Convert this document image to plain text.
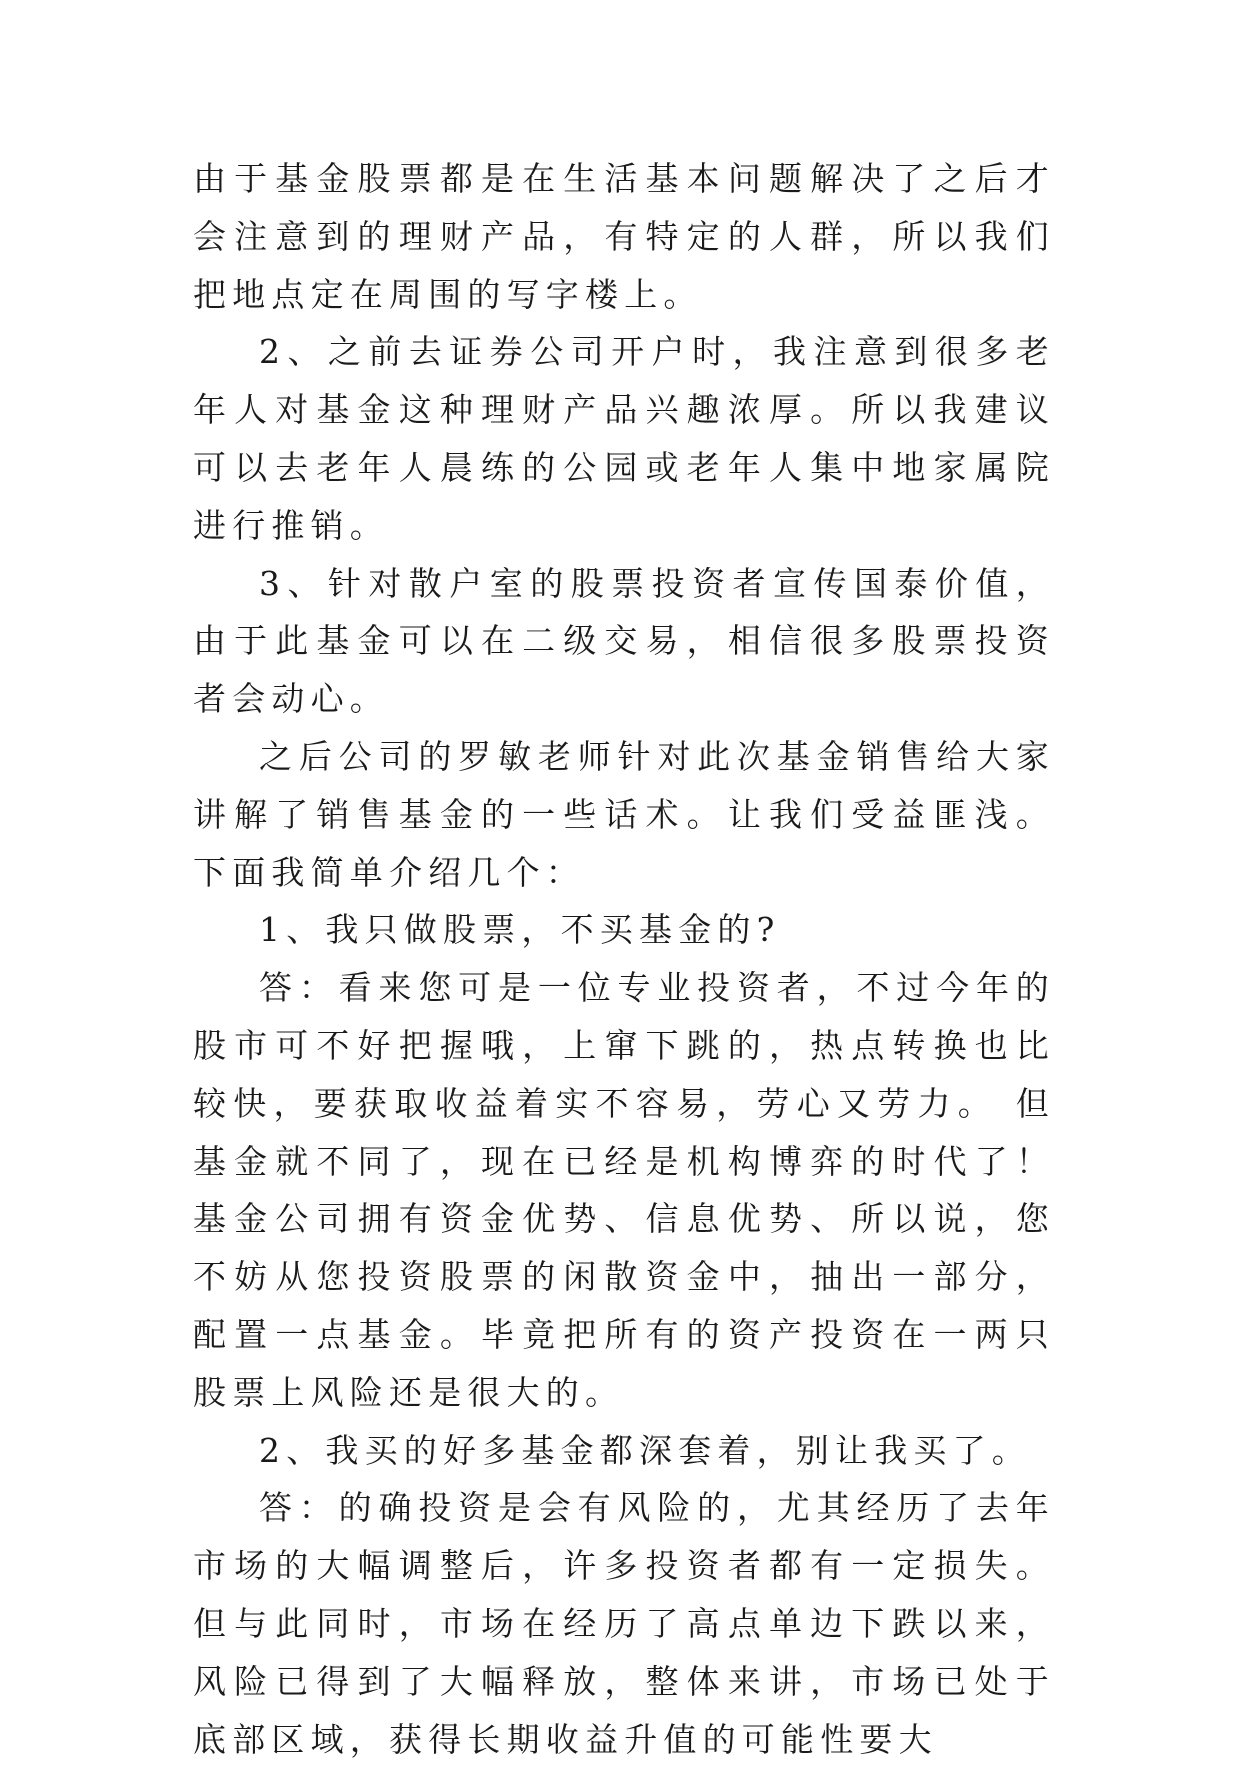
由于基金股票都是在生活基本问题解决了之后才会注意到的理财产品，有特定的人群，所以我们把地点定在周围的写字楼上。

2、之前去证券公司开户时，我注意到很多老年人对基金这种理财产品兴趣浓厚。所以我建议可以去老年人晨练的公园或老年人集中地家属院进行推销。

3、针对散户室的股票投资者宣传国泰价值，由于此基金可以在二级交易，相信很多股票投资者会动心。

之后公司的罗敏老师针对此次基金销售给大家讲解了销售基金的一些话术。让我们受益匪浅。下面我简单介绍几个：

1、我只做股票，不买基金的?

答：看来您可是一位专业投资者，不过今年的股市可不好把握哦，上窜下跳的，热点转换也比较快，要获取收益着实不容易，劳心又劳力。 但基金就不同了，现在已经是机构博弈的时代了！基金公司拥有资金优势、信息优势、所以说，您不妨从您投资股票的闲散资金中，抽出一部分，配置一点基金。毕竟把所有的资产投资在一两只股票上风险还是很大的。

2、我买的好多基金都深套着，别让我买了。

答：的确投资是会有风险的，尤其经历了去年市场的大幅调整后，许多投资者都有一定损失。但与此同时，市场在经历了高点单边下跌以来，风险已得到了大幅释放，整体来讲，市场已处于底部区域，获得长期收益升值的可能性要大
